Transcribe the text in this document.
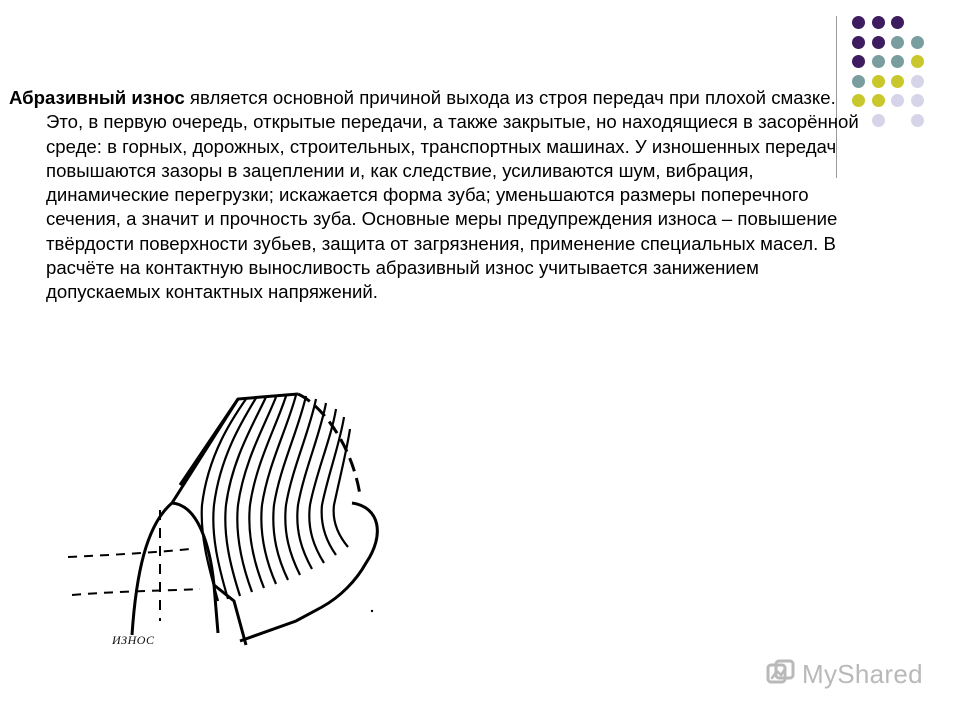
Абразивный износ является основной причиной выхода из строя передач при плохой смазке. Это, в первую очередь, открытые передачи, а также закрытые, но находящиеся в засорённой среде: в горных, дорожных, строительных, транспортных машинах. У изношенных передач повышаются зазоры в зацеплении и, как следствие, усиливаются шум, вибрация, динамические перегрузки; искажается форма зуба; уменьшаются размеры поперечного сечения, а значит и прочность зуба. Основные меры предупреждения износа – повышение твёрдости поверхности зубьев, защита от загрязнения, применение специальных масел. В расчёте на контактную выносливость абразивный износ учитывается занижением допускаемых контактных напряжений.
ИЗНОС
MyShared
